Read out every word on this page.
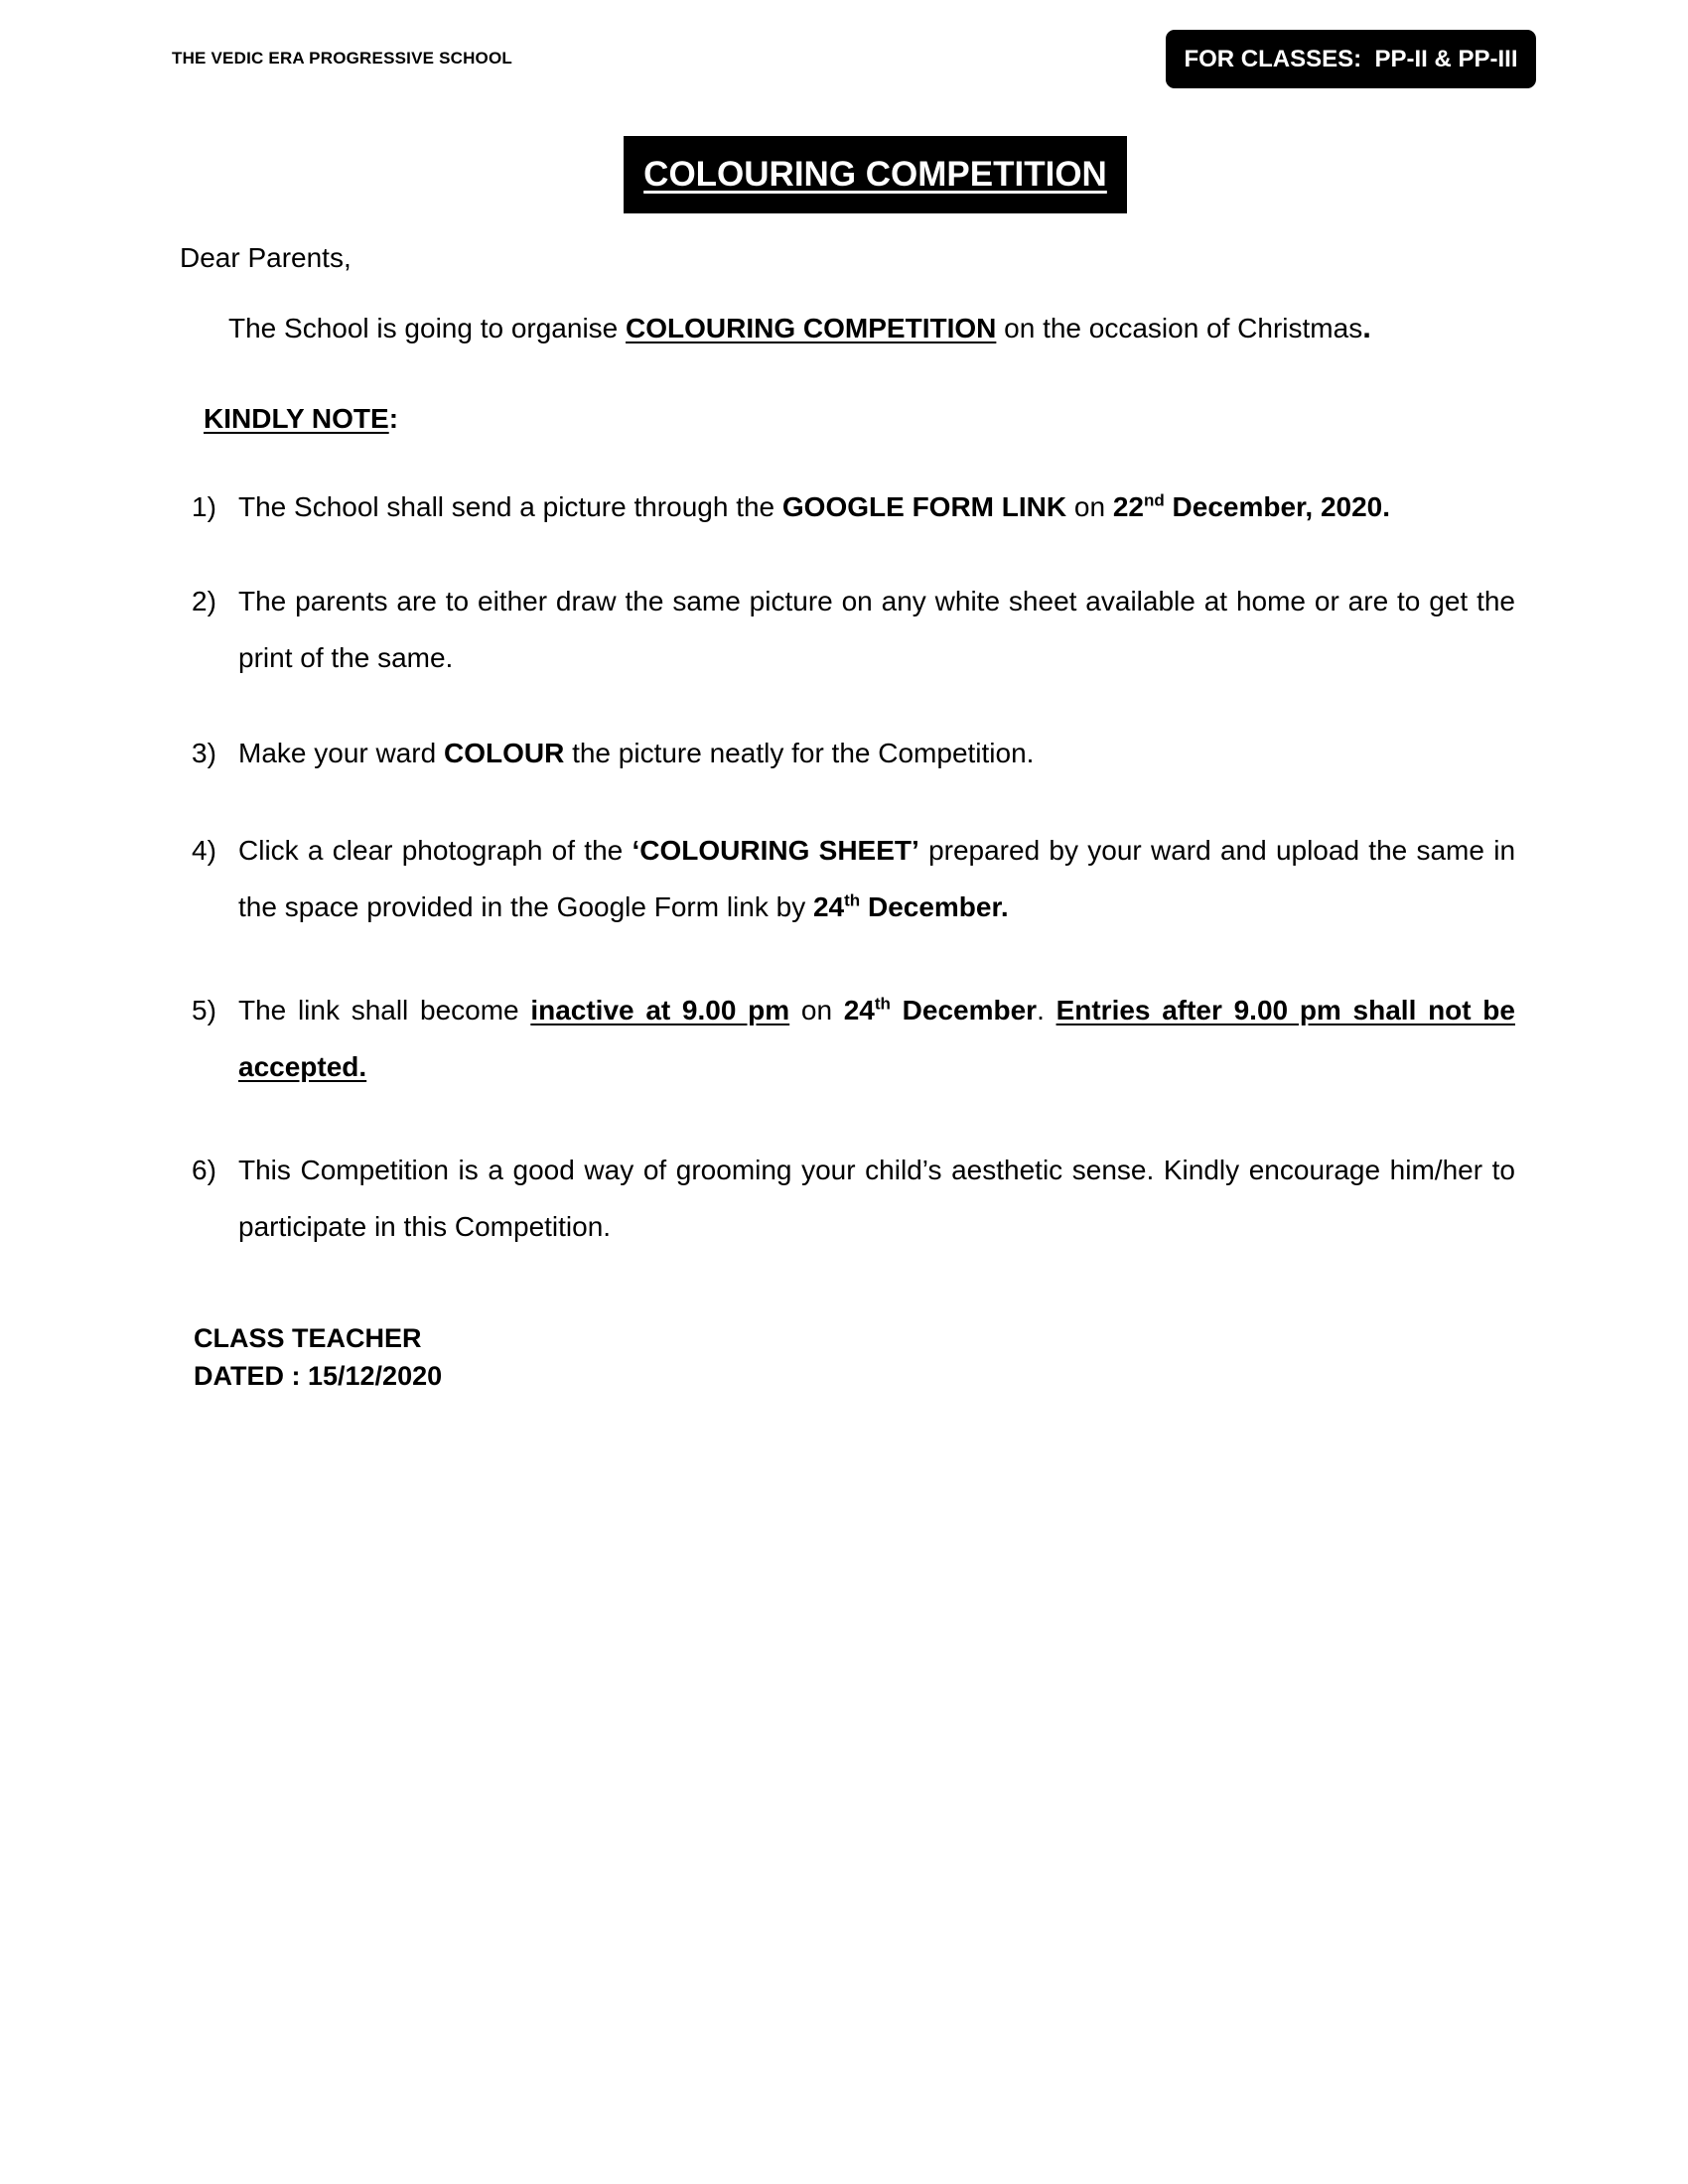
THE VEDIC ERA PROGRESSIVE SCHOOL	FOR CLASSES:  PP-II & PP-III
COLOURING COMPETITION
Dear Parents,
The School is going to organise COLOURING COMPETITION on the occasion of Christmas.
KINDLY NOTE:
1) The School shall send a picture through the GOOGLE FORM LINK on 22nd December, 2020.
2) The parents are to either draw the same picture on any white sheet available at home or are to get the print of the same.
3) Make your ward COLOUR the picture neatly for the Competition.
4) Click a clear photograph of the ‘COLOURING SHEET’ prepared by your ward and upload the same in the space provided in the Google Form link by 24th December.
5) The link shall become inactive at 9.00 pm on 24th December. Entries after 9.00 pm shall not be accepted.
6) This Competition is a good way of grooming your child’s aesthetic sense. Kindly encourage him/her to participate in this Competition.
CLASS TEACHER
DATED : 15/12/2020
